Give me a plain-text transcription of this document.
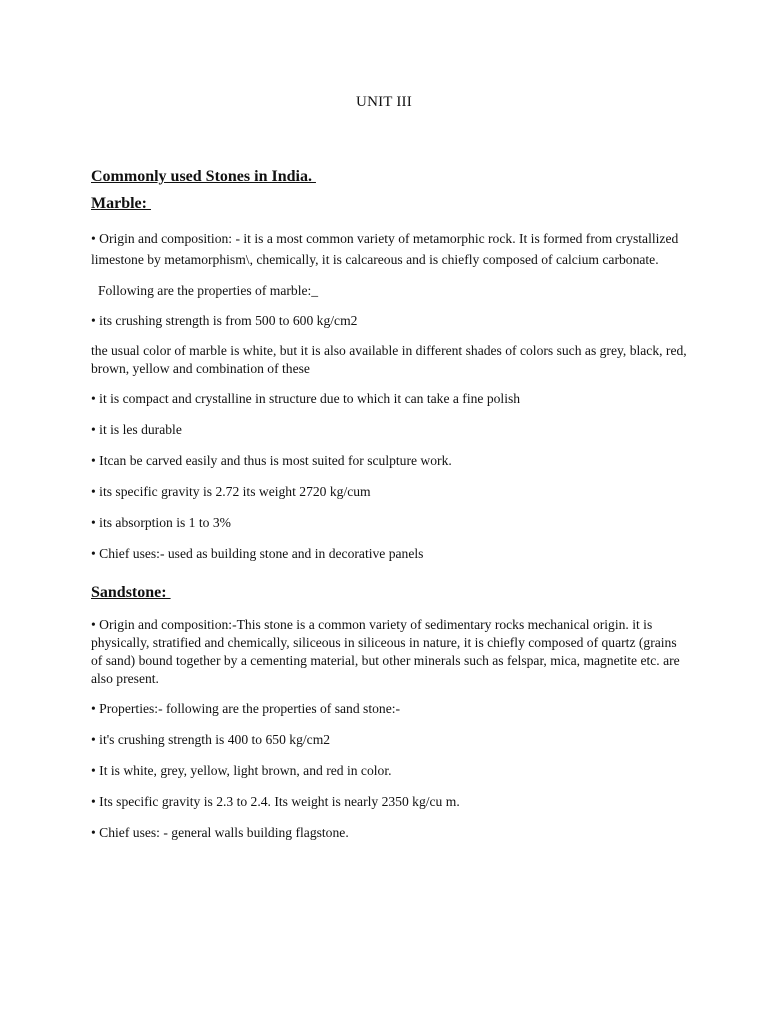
UNIT III
Commonly used Stones in India.
Marble:
• Origin and composition: - it is a most common variety of metamorphic rock. It is formed from crystallized limestone by metamorphism\, chemically, it is calcareous and is chiefly composed of calcium carbonate.
Following are the properties of marble:_
• its crushing strength is from 500 to 600 kg/cm2
the usual color of marble is white, but it is also available in different shades of colors such as grey, black, red, brown, yellow and combination of these
• it is compact and crystalline in structure due to which it can take a fine polish
• it is les durable
• Itcan be carved easily and thus is most suited for sculpture work.
• its specific gravity is 2.72 its weight 2720 kg/cum
• its absorption is 1 to 3%
• Chief uses:- used as building stone and in decorative panels
Sandstone:
• Origin and composition:-This stone is a common variety of sedimentary rocks mechanical origin. it is physically, stratified and chemically, siliceous in siliceous in nature, it is chiefly composed of quartz (grains of sand) bound together by a cementing material, but other minerals such as felspar, mica, magnetite etc. are also present.
• Properties:- following are the properties of sand stone:-
• it's crushing strength is 400 to 650 kg/cm2
• It is white, grey, yellow, light brown, and red in color.
• Its specific gravity is 2.3 to 2.4. Its weight is nearly 2350 kg/cu m.
• Chief uses: - general walls building flagstone.
